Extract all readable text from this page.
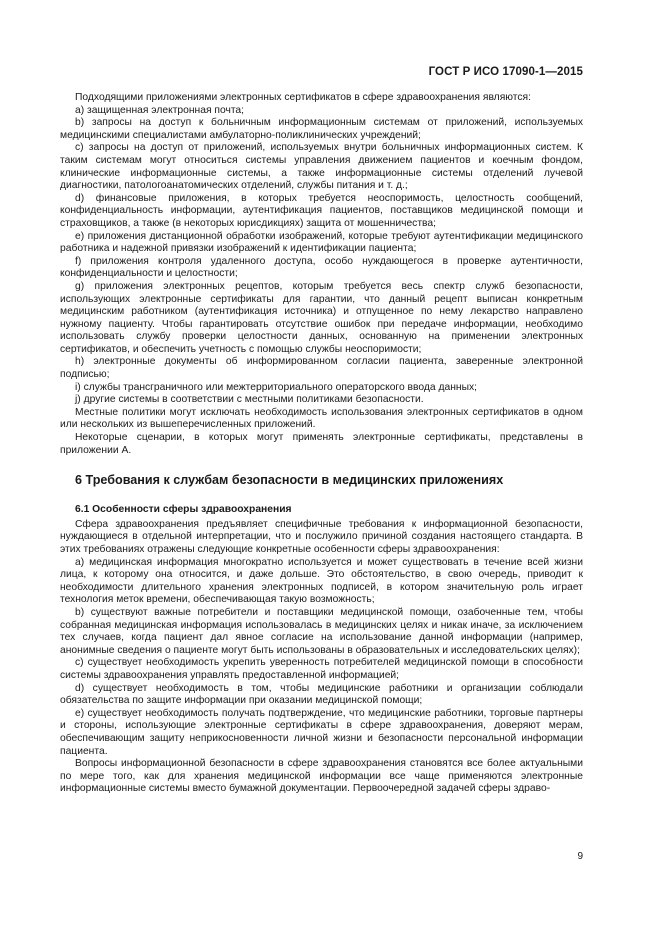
ГОСТ Р ИСО 17090-1—2015

Подходящими приложениями электронных сертификатов в сфере здравоохранения являются:

a) защищенная электронная почта;

b) запросы на доступ к больничным информационным системам от приложений, используемых медицинскими специалистами амбулаторно-поликлинических учреждений;

c) запросы на доступ от приложений, используемых внутри больничных информационных систем. К таким системам могут относиться системы управления движением пациентов и коечным фондом, клинические информационные системы, а также информационные системы отделений лучевой диагностики, патологоанатомических отделений, службы питания и т. д.;

d) финансовые приложения, в которых требуется неоспоримость, целостность сообщений, конфиденциальность информации, аутентификация пациентов, поставщиков медицинской помощи и страховщиков, а также (в некоторых юрисдикциях) защита от мошенничества;

e) приложения дистанционной обработки изображений, которые требуют аутентификации медицинского работника и надежной привязки изображений к идентификации пациента;

f) приложения контроля удаленного доступа, особо нуждающегося в проверке аутентичности, конфиденциальности и целостности;

g) приложения электронных рецептов, которым требуется весь спектр служб безопасности, использующих электронные сертификаты для гарантии, что данный рецепт выписан конкретным медицинским работником (аутентификация источника) и отпущенное по нему лекарство направлено нужному пациенту. Чтобы гарантировать отсутствие ошибок при передаче информации, необходимо использовать службу проверки целостности данных, основанную на применении электронных сертификатов, и обеспечить учетность с помощью службы неоспоримости;

h) электронные документы об информированном согласии пациента, заверенные электронной подписью;

i) службы трансграничного или межтерриториального операторского ввода данных;

j) другие системы в соответствии с местными политиками безопасности.

Местные политики могут исключать необходимость использования электронных сертификатов в одном или нескольких из вышеперечисленных приложений.

Некоторые сценарии, в которых могут применять электронные сертификаты, представлены в приложении А.

6 Требования к службам безопасности в медицинских приложениях
6.1 Особенности сферы здравоохранения

Сфера здравоохранения предъявляет специфичные требования к информационной безопасности, нуждающиеся в отдельной интерпретации, что и послужило причиной создания настоящего стандарта. В этих требованиях отражены следующие конкретные особенности сферы здравоохранения:

a) медицинская информация многократно используется и может существовать в течение всей жизни лица, к которому она относится, и даже дольше. Это обстоятельство, в свою очередь, приводит к необходимости длительного хранения электронных подписей, в котором значительную роль играет технология меток времени, обеспечивающая такую возможность;

b) существуют важные потребители и поставщики медицинской помощи, озабоченные тем, чтобы собранная медицинская информация использовалась в медицинских целях и никак иначе, за исключением тех случаев, когда пациент дал явное согласие на использование данной информации (например, анонимные сведения о пациенте могут быть использованы в образовательных и исследовательских целях);

c) существует необходимость укрепить уверенность потребителей медицинской помощи в способности системы здравоохранения управлять предоставленной информацией;

d) существует необходимость в том, чтобы медицинские работники и организации соблюдали обязательства по защите информации при оказании медицинской помощи;

e) существует необходимость получать подтверждение, что медицинские работники, торговые партнеры и стороны, использующие электронные сертификаты в сфере здравоохранения, доверяют мерам, обеспечивающим защиту неприкосновенности личной жизни и безопасности персональной информации пациента.

Вопросы информационной безопасности в сфере здравоохранения становятся все более актуальными по мере того, как для хранения медицинской информации все чаще применяются электронные информационные системы вместо бумажной документации. Первоочередной задачей сферы здраво-

9
